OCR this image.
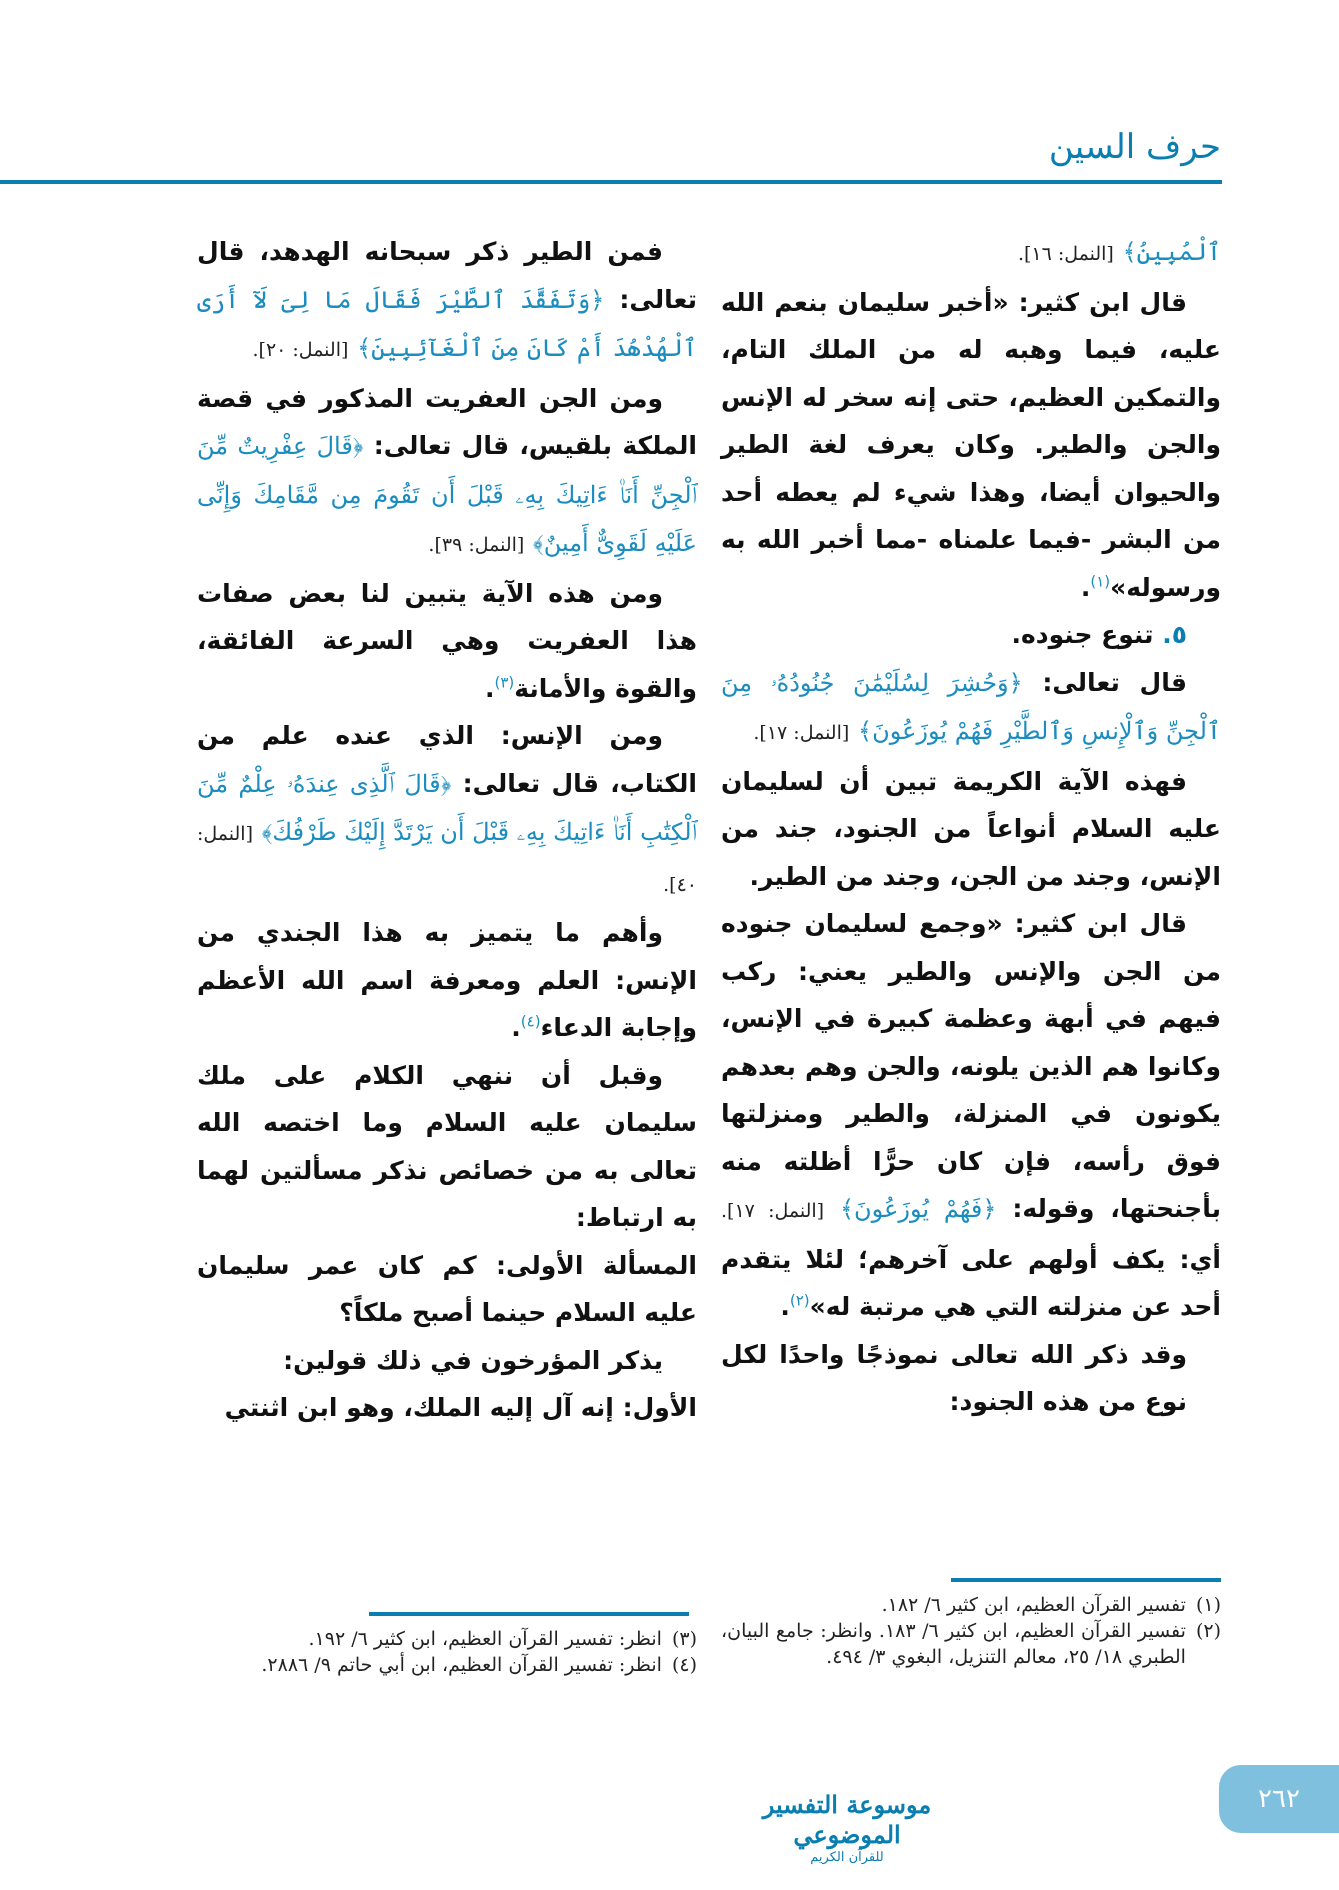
حرف السين

ٱلْمُبِينُ﴾ [النمل: ١٦].

قال ابن كثير: «أخبر سليمان بنعم الله عليه، فيما وهبه له من الملك التام، والتمكين العظيم، حتى إنه سخر له الإنس والجن والطير. وكان يعرف لغة الطير والحيوان أيضا، وهذا شيء لم يعطه أحد من البشر -فيما علمناه -مما أخبر الله به ورسوله»$^{(١)}$.

٥. تنوع جنوده.

قال تعالى: ﴿وَحُشِرَ لِسُلَيْمَٰنَ جُنُودُهُۥ مِنَ ٱلْجِنِّ وَٱلْإِنسِ وَٱلطَّيْرِ فَهُمْ يُوزَعُونَ﴾ [النمل: ١٧].

فهذه الآية الكريمة تبين أن لسليمان عليه السلام أنواعاً من الجنود، جند من الإنس، وجند من الجن، وجند من الطير.

قال ابن كثير: «وجمع لسليمان جنوده من الجن والإنس والطير يعني: ركب فيهم في أبهة وعظمة كبيرة في الإنس، وكانوا هم الذين يلونه، والجن وهم بعدهم يكونون في المنزلة، والطير ومنزلتها فوق رأسه، فإن كان حرًّا أظلته منه بأجنحتها، وقوله: ﴿فَهُمْ يُوزَعُونَ﴾ [النمل: ١٧]. أي: يكف أولهم على آخرهم؛ لئلا يتقدم أحد عن منزلته التي هي مرتبة له»$^{(٢)}$.

وقد ذكر الله تعالى نموذجًا واحدًا لكل نوع من هذه الجنود:

فمن الطير ذكر سبحانه الهدهد، قال تعالى: ﴿وَتَفَقَّدَ ٱلطَّيْرَ فَقَالَ مَا لِىَ لَآ أَرَى ٱلْهُدْهُدَ أَمْ كَانَ مِنَ ٱلْغَآئِبِينَ﴾ [النمل: ٢٠].

ومن الجن العفريت المذكور في قصة الملكة بلقيس، قال تعالى: ﴿قَالَ عِفْرِيتٌ مِّنَ ٱلْجِنِّ أَنَا۠ ءَاتِيكَ بِهِۦ قَبْلَ أَن تَقُومَ مِن مَّقَامِكَ وَإِنِّى عَلَيْهِ لَقَوِىٌّ أَمِينٌ﴾ [النمل: ٣٩].

ومن هذه الآية يتبين لنا بعض صفات هذا العفريت وهي السرعة الفائقة، والقوة والأمانة$^{(٣)}$.

ومن الإنس: الذي عنده علم من الكتاب، قال تعالى: ﴿قَالَ ٱلَّذِى عِندَهُۥ عِلْمٌ مِّنَ ٱلْكِتَٰبِ أَنَا۠ ءَاتِيكَ بِهِۦ قَبْلَ أَن يَرْتَدَّ إِلَيْكَ طَرْفُكَ﴾ [النمل: ٤٠].

وأهم ما يتميز به هذا الجندي من الإنس: العلم ومعرفة اسم الله الأعظم وإجابة الدعاء$^{(٤)}$.

وقبل أن ننهي الكلام على ملك سليمان عليه السلام وما اختصه الله تعالى به من خصائص نذكر مسألتين لهما به ارتباط:

المسألة الأولى: كم كان عمر سليمان عليه السلام حينما أصبح ملكاً؟

يذكر المؤرخون في ذلك قولين:

الأول: إنه آل إليه الملك، وهو ابن اثنتي

(١)
تفسير القرآن العظيم، ابن كثير ٦/ ١٨٢.
(٢)
تفسير القرآن العظيم، ابن كثير ٦/ ١٨٣. وانظر: جامع البيان، الطبري ١٨/ ٢٥، معالم التنزيل، البغوي ٣/ ٤٩٤.
(٣)
انظر: تفسير القرآن العظيم، ابن كثير ٦/ ١٩٢.
(٤)
انظر: تفسير القرآن العظيم، ابن أبي حاتم ٩/ ٢٨٨٦.
موسوعة التفسير الموضوعي
للقرآن الكريم
٢٦٢
